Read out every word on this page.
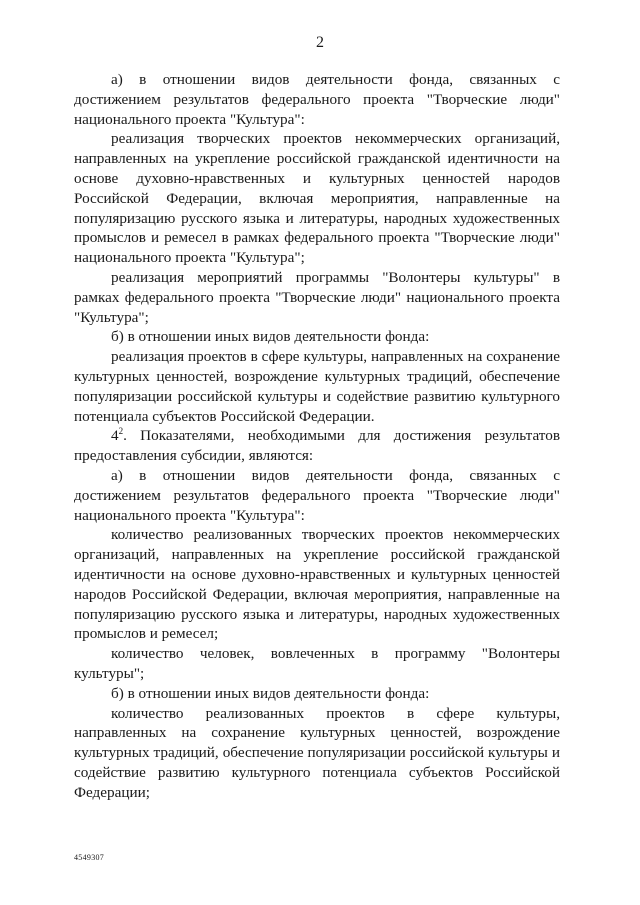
2

а) в отношении видов деятельности фонда, связанных с достижением результатов федерального проекта "Творческие люди" национального проекта "Культура":

реализация творческих проектов некоммерческих организаций, направленных на укрепление российской гражданской идентичности на основе духовно-нравственных и культурных ценностей народов Российской Федерации, включая мероприятия, направленные на популяризацию русского языка и литературы, народных художественных промыслов и ремесел в рамках федерального проекта "Творческие люди" национального проекта "Культура";

реализация мероприятий программы "Волонтеры культуры" в рамках федерального проекта "Творческие люди" национального проекта "Культура";

б) в отношении иных видов деятельности фонда:

реализация проектов в сфере культуры, направленных на сохранение культурных ценностей, возрождение культурных традиций, обеспечение популяризации российской культуры и содействие развитию культурного потенциала субъектов Российской Федерации.

$4^2$. Показателями, необходимыми для достижения результатов предоставления субсидии, являются:

а) в отношении видов деятельности фонда, связанных с достижением результатов федерального проекта "Творческие люди" национального проекта "Культура":

количество реализованных творческих проектов некоммерческих организаций, направленных на укрепление российской гражданской идентичности на основе духовно-нравственных и культурных ценностей народов Российской Федерации, включая мероприятия, направленные на популяризацию русского языка и литературы, народных художественных промыслов и ремесел;

количество человек, вовлеченных в программу "Волонтеры культуры";

б) в отношении иных видов деятельности фонда:

количество реализованных проектов в сфере культуры, направленных на сохранение культурных ценностей, возрождение культурных традиций, обеспечение популяризации российской культуры и содействие развитию культурного потенциала субъектов Российской Федерации;

4549307
